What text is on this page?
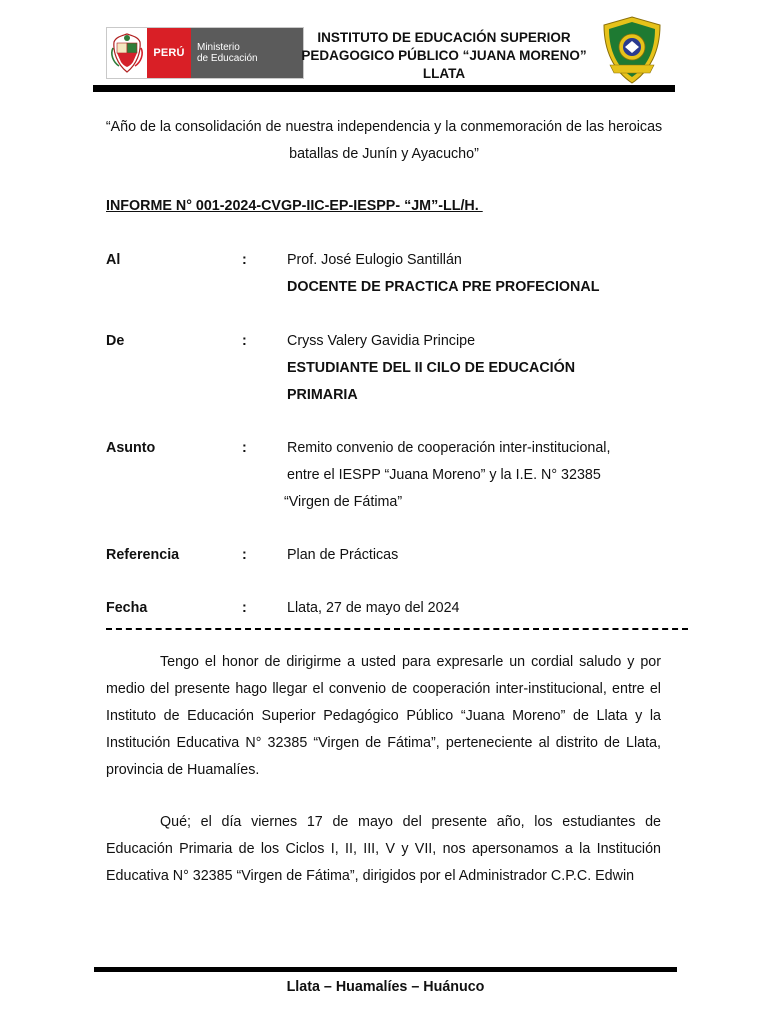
PERÚ	Ministerio
de Educación
INSTITUTO DE EDUCACIÓN SUPERIOR
PEDAGOGICO PÚBLICO “JUANA MORENO”
LLATA
“Año de la consolidación de nuestra independencia y la conmemoración de las heroicas batallas de Junín y Ayacucho”
INFORME N° 001-2024-CVGP-IIC-EP-IESPP- “JM”-LL/H.
Al	:	Prof. José Eulogio Santillán
DOCENTE DE PRACTICA PRE PROFECIONAL
De	:	Cryss Valery Gavidia Principe
ESTUDIANTE DEL II CILO DE EDUCACIÓN
PRIMARIA
Asunto	:	Remito convenio de cooperación inter-institucional,
entre el IESPP “Juana Moreno” y la I.E. N° 32385
“Virgen de Fátima”
Referencia	:	Plan de Prácticas
Fecha	:	Llata, 27 de mayo del 2024
Tengo el honor de dirigirme a usted para expresarle un cordial saludo y por medio del presente hago llegar el convenio de cooperación inter-institucional, entre el Instituto de Educación Superior Pedagógico Público “Juana Moreno” de Llata y la Institución Educativa N° 32385 “Virgen de Fátima”, perteneciente al distrito de Llata, provincia de Huamalíes.
Qué; el día viernes 17 de mayo del presente año, los estudiantes de Educación Primaria de los Ciclos I, II, III, V y VII, nos apersonamos a la Institución Educativa N° 32385 “Virgen de Fátima”, dirigidos por el Administrador C.P.C. Edwin
Llata – Huamalíes – Huánuco
